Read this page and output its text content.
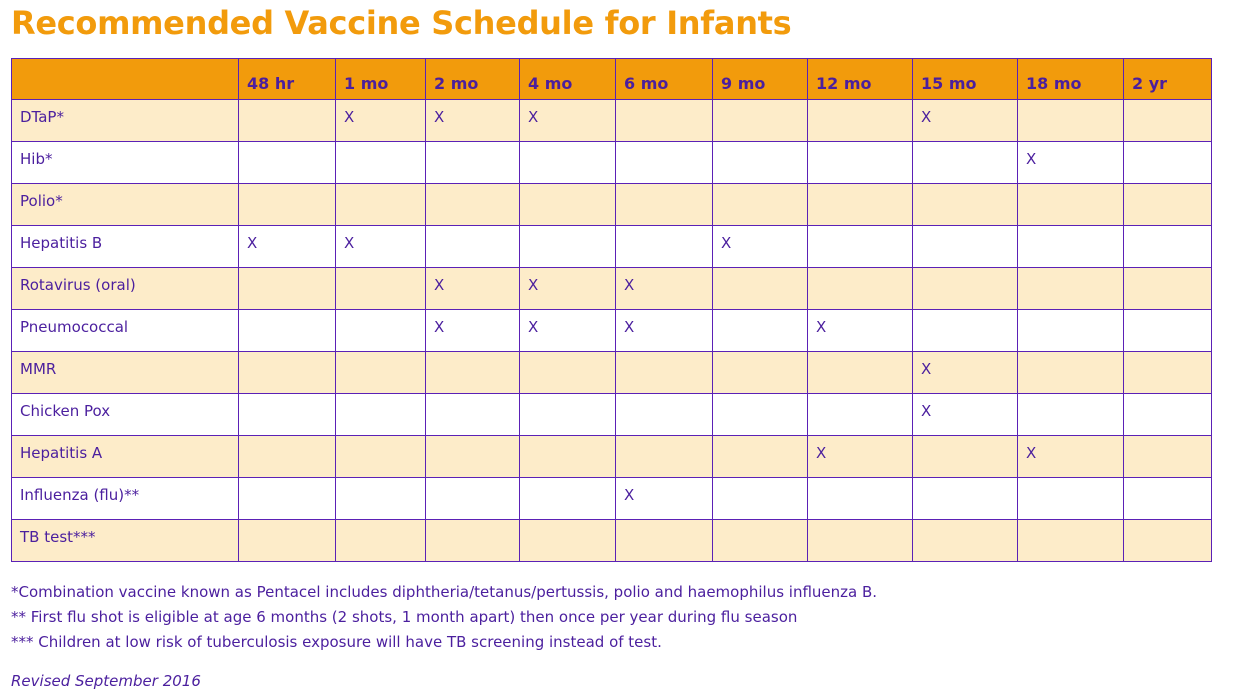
Recommended Vaccine Schedule for Infants
	48 hr	1 mo	2 mo	4 mo	6 mo	9 mo	12 mo	15 mo	18 mo	2 yr
DTaP*		X	X	X				X		
Hib*									X	
Polio*										
Hepatitis B	X	X				X				
Rotavirus (oral)			X	X	X					
Pneumococcal			X	X	X		X			
MMR								X		
Chicken Pox								X		
Hepatitis A							X		X	
Influenza (flu)**					X					
TB test***										
*Combination vaccine known as Pentacel includes diphtheria/tetanus/pertussis, polio and haemophilus influenza B.
** First flu shot is eligible at age 6 months (2 shots, 1 month apart) then once per year during flu season
*** Children at low risk of tuberculosis exposure will have TB screening instead of test.
Revised September 2016
